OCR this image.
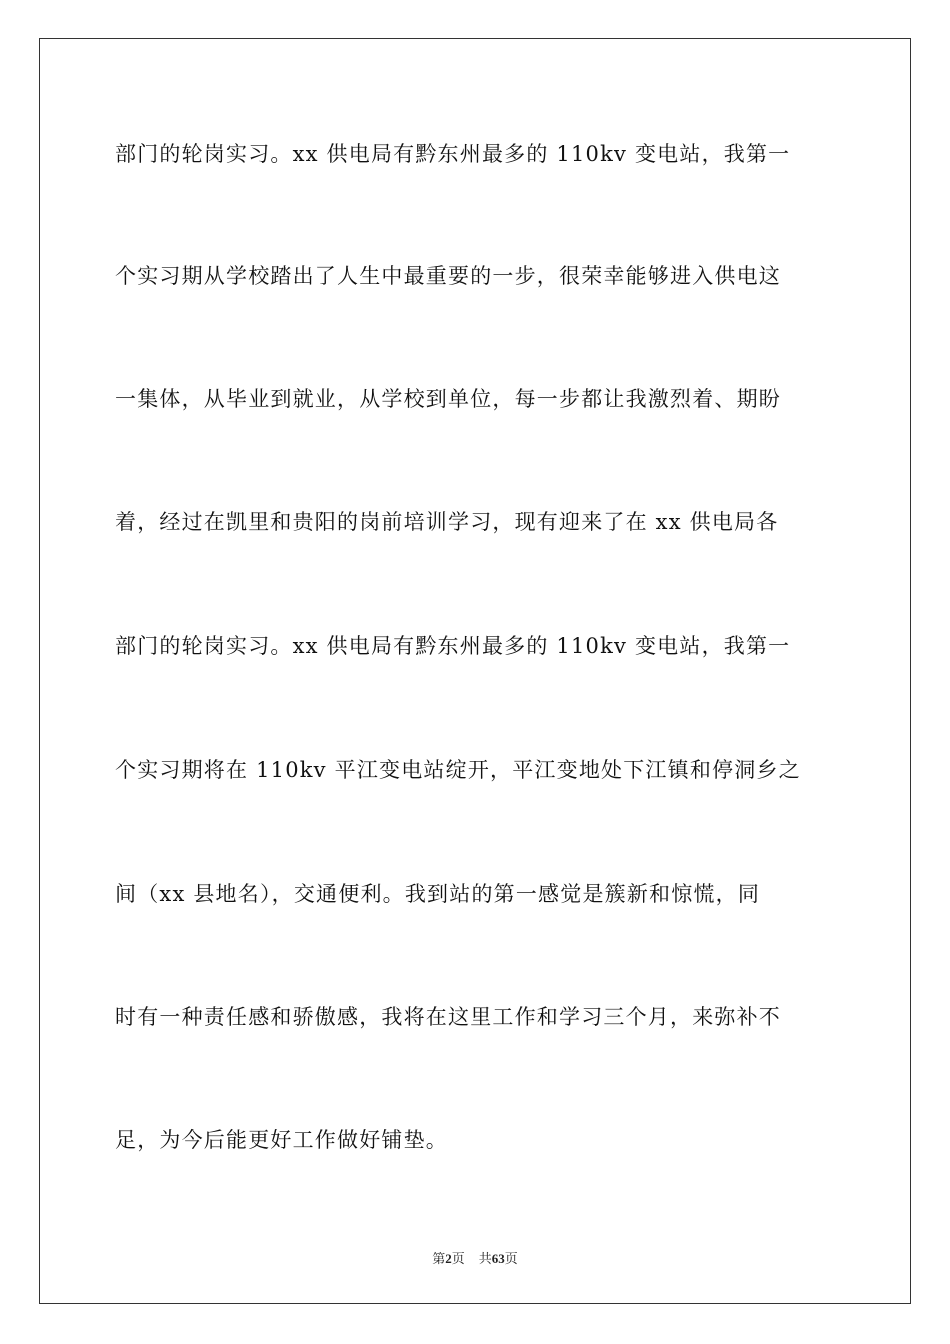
部门的轮岗实习。xx 供电局有黔东州最多的 110kv 变电站，我第一
个实习期从学校踏出了人生中最重要的一步，很荣幸能够进入供电这
一集体，从毕业到就业，从学校到单位，每一步都让我激烈着、期盼
着，经过在凯里和贵阳的岗前培训学习，现有迎来了在 xx 供电局各
部门的轮岗实习。xx 供电局有黔东州最多的 110kv 变电站，我第一
个实习期将在 110kv 平江变电站绽开，平江变地处下江镇和停洞乡之
间（xx 县地名），交通便利。我到站的第一感觉是簇新和惊慌，同
时有一种责任感和骄傲感，我将在这里工作和学习三个月，来弥补不
足，为今后能更好工作做好铺垫。
第2页 共63页
